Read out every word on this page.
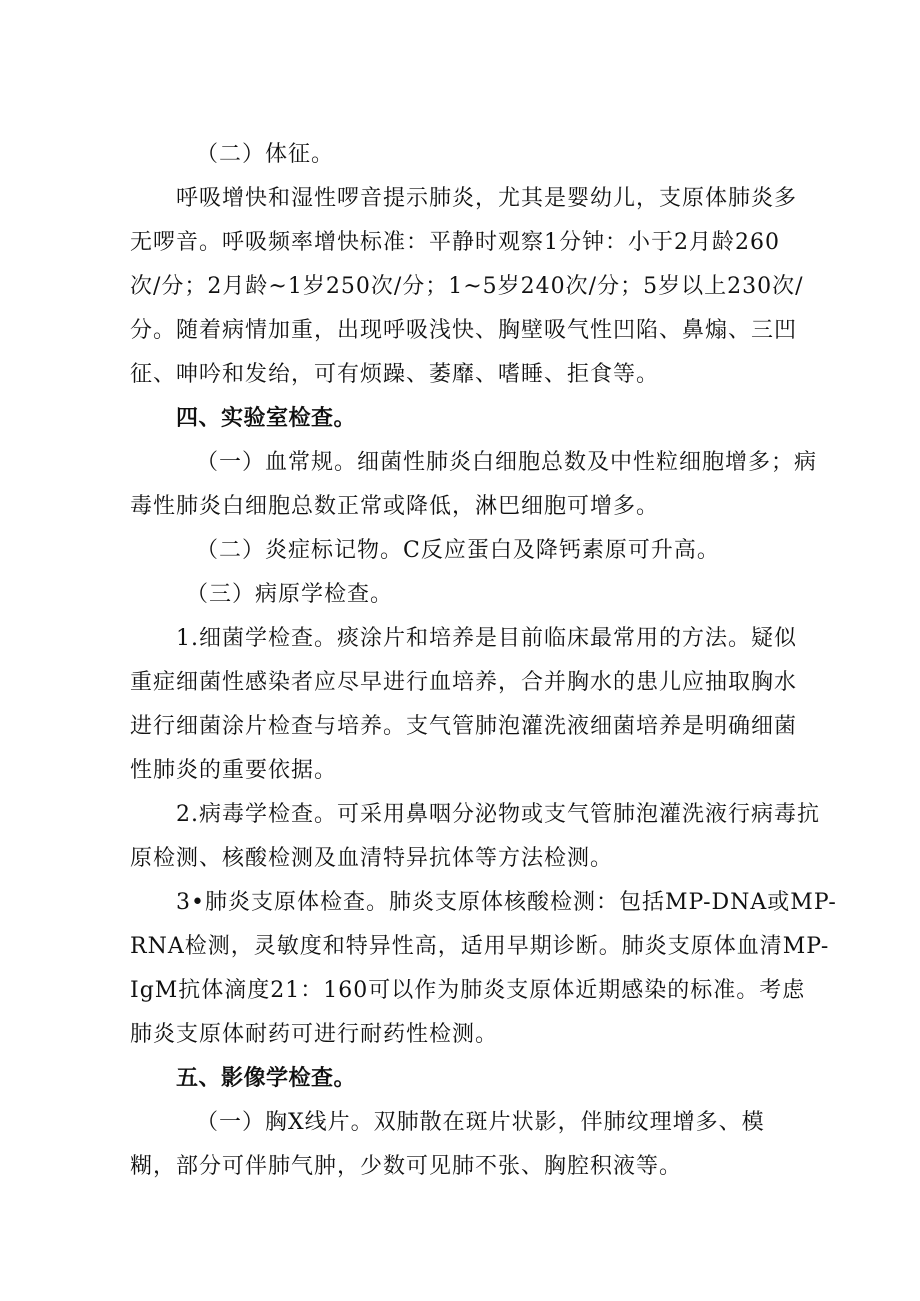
（二）体征。
呼吸增快和湿性啰音提示肺炎，尤其是婴幼儿，支原体肺炎多
无啰音。呼吸频率增快标准：平静时观察1分钟：小于2月龄260
次/分；2月龄~1岁250次/分；1~5岁240次/分；5岁以上230次/
分。随着病情加重，出现呼吸浅快、胸壁吸气性凹陷、鼻煽、三凹
征、呻吟和发绐，可有烦躁、萎靡、嗜睡、拒食等。
四、实验室检查。
（一）血常规。细菌性肺炎白细胞总数及中性粒细胞增多；病
毒性肺炎白细胞总数正常或降低，淋巴细胞可增多。
（二）炎症标记物。C反应蛋白及降钙素原可升高。
（三）病原学检查。
1.细菌学检查。痰涂片和培养是目前临床最常用的方法。疑似
重症细菌性感染者应尽早进行血培养，合并胸水的患儿应抽取胸水
进行细菌涂片检查与培养。支气管肺泡灌洗液细菌培养是明确细菌
性肺炎的重要依据。
2.病毒学检查。可采用鼻咽分泌物或支气管肺泡灌洗液行病毒抗
原检测、核酸检测及血清特异抗体等方法检测。
3•肺炎支原体检查。肺炎支原体核酸检测：包括MP-DNA或MP-
RNA检测，灵敏度和特异性高，适用早期诊断。肺炎支原体血清MP-
IgM抗体滴度21：160可以作为肺炎支原体近期感染的标准。考虑
肺炎支原体耐药可进行耐药性检测。
五、影像学检查。
（一）胸X线片。双肺散在斑片状影，伴肺纹理增多、模
糊，部分可伴肺气肿，少数可见肺不张、胸腔积液等。
